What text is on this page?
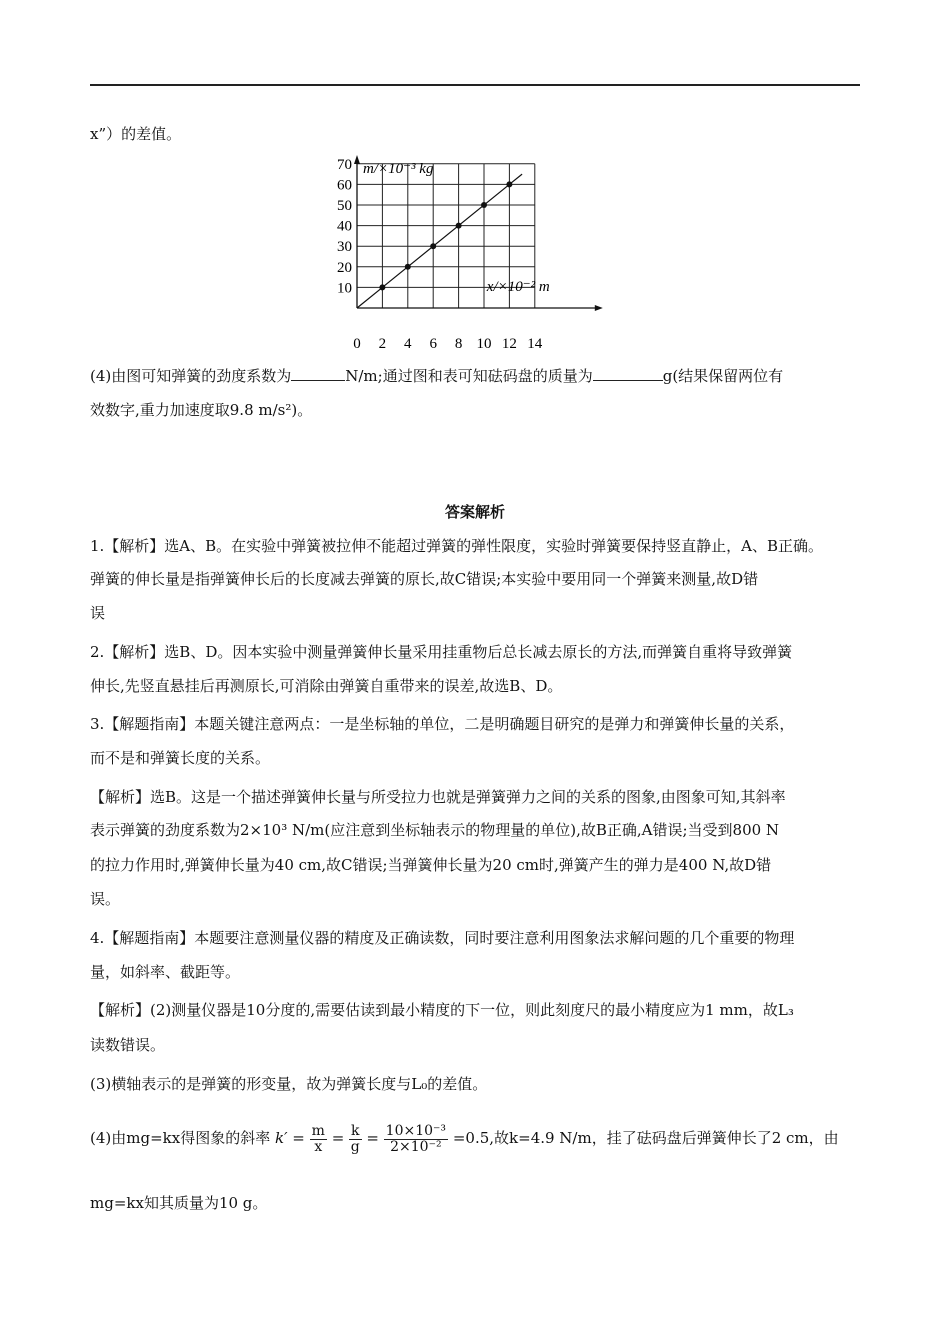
x”）的差值。
0 2 4 6 8 10 12 14
10
20
30
40
50
60
70 m/×10⁻³ kg
x/×10⁻² m
(4)由图可知弹簧的劲度系数为	N/m;通过图和表可知砝码盘的质量为	g(结果保留两位有
效数字,重力加速度取9.8 m/s²)。
答案解析
1.【解析】选A、B。在实验中弹簧被拉伸不能超过弹簧的弹性限度，实验时弹簧要保持竖直静止，A、B正确。
弹簧的伸长量是指弹簧伸长后的长度减去弹簧的原长,故C错误;本实验中要用同一个弹簧来测量,故D错
误
2.【解析】选B、D。因本实验中测量弹簧伸长量采用挂重物后总长减去原长的方法,而弹簧自重将导致弹簧
伸长,先竖直悬挂后再测原长,可消除由弹簧自重带来的误差,故选B、D。
3.【解题指南】本题关键注意两点：一是坐标轴的单位，二是明确题目研究的是弹力和弹簧伸长量的关系，
而不是和弹簧长度的关系。
【解析】选B。这是一个描述弹簧伸长量与所受拉力也就是弹簧弹力之间的关系的图象,由图象可知,其斜率
表示弹簧的劲度系数为2×10³ N/m(应注意到坐标轴表示的物理量的单位),故B正确,A错误;当受到800 N
的拉力作用时,弹簧伸长量为40 cm,故C错误;当弹簧伸长量为20 cm时,弹簧产生的弹力是400 N,故D错
误。
4.【解题指南】本题要注意测量仪器的精度及正确读数，同时要注意利用图象法求解问题的几个重要的物理
量，如斜率、截距等。
【解析】(2)测量仪器是10分度的,需要估读到最小精度的下一位，则此刻度尺的最小精度应为1 mm，故L₃
读数错误。
(3)横轴表示的是弹簧的形变量，故为弹簧长度与L₀的差值。
(4)由mg=kx得图象的斜率 $k' = \frac{m}{x} = \frac{k}{g} = \frac{\text{10×10⁻³}}{\text{2×10⁻²}} =0.5$,故k=4.9 N/m，挂了砝码盘后弹簧伸长了2 cm，由
mg=kx知其质量为10 g。
